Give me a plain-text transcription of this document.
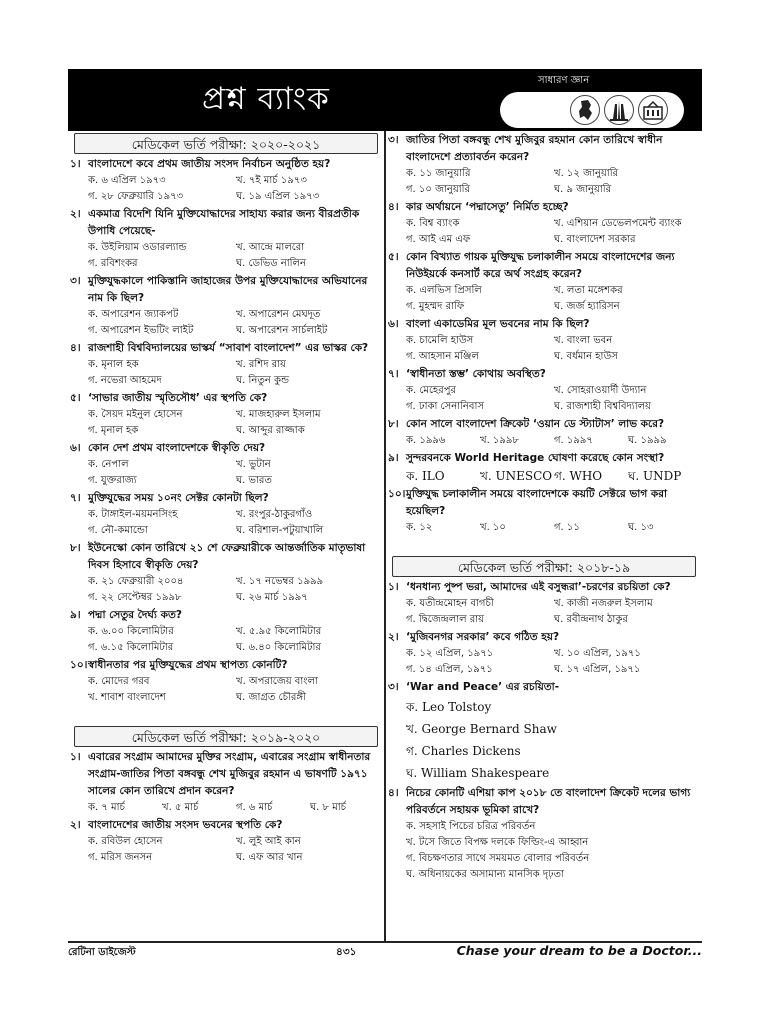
প্রশ্ন ব্যাংক
সাধারণ জ্ঞান
মেডিকেল ভর্তি পরীক্ষা: ২০২০-২০২১
১। বাংলাদেশে কবে প্রথম জাতীয় সংসদ নির্বাচন অনুষ্ঠিত হয়?
ক. ৬ এপ্রিল ১৯৭৩	খ. ৭ই মার্চ ১৯৭৩
গ. ২৮ ফেব্রুয়ারি ১৯৭৩	ঘ. ১৯ এপ্রিল ১৯৭৩
২। একমাত্র বিদেশি যিনি মুক্তিযোদ্ধাদের সাহায্য করার জন্য বীরপ্রতীক উপাধি পেয়েছে-
ক. উইলিয়াম ওডারল্যান্ড	খ. আন্দ্রে মালরো
গ. রবিশংকর	ঘ. ডেভিড নালিন
৩। মুক্তিযুদ্ধকালে পাকিস্তানি জাহাজের উপর মুক্তিযোদ্ধাদের অভিযানের নাম কি ছিল?
ক. অপারেশন জ্যাকপট	খ. অপারেশন মেঘদূত
গ. অপারেশন ইভটিং লাইট	ঘ. অপারেশন সার্চলাইট
৪। রাজশাহী বিশ্ববিদ্যালয়ের ভাস্কর্য “সাবাশ বাংলাদেশ” এর ভাস্কর কে?
ক. মৃনাল হক	খ. রশিদ রায়
গ. নভেরা আহমেদ	ঘ. নিতুন কুন্ড
৫। ‘সাভার জাতীয় স্মৃতিসৌধ’ এর স্থপতি কে?
ক. সৈয়দ মইনুল হোসেন	খ. মাজহারুল ইসলাম
গ. মৃনাল হক	ঘ. আব্দুর রাজ্জাক
৬। কোন দেশ প্রথম বাংলাদেশকে স্বীকৃতি দেয়?
ক. নেপাল	খ. ভুটান
গ. যুক্তরাজ্য	ঘ. ভারত
৭। মুক্তিযুদ্ধের সময় ১০নং সেক্টর কোনটা ছিল?
ক. টাঙ্গাইল-ময়মনসিংহ	খ. রংপুর-ঠাকুরগাঁও
গ. নৌ-কমান্ডো	ঘ. বরিশাল-পটুয়াখালি
৮। ইউনেস্কো কোন তারিখে ২১ শে ফেব্রুয়ারীকে আন্তর্জাতিক মাতৃভাষা দিবস হিসাবে স্বীকৃতি দেয়?
ক. ২১ ফেব্রুয়ারী ২০০৪	খ. ১৭ নভেম্বর ১৯৯৯
গ. ২২ সেপ্টেম্বর ১৯৯৮	ঘ. ২৬ মার্চ ১৯৯৭
৯। পদ্মা সেতুর দৈর্ঘ্য কত?
ক. ৬.০০ কিলোমিটার	খ. ৫.৯৫ কিলোমিটার
গ. ৬.১৫ কিলোমিটার	ঘ. ৬.৪০ কিলোমিটার
১০। স্বাধীনতার পর মুক্তিযুদ্ধের প্রথম স্থাপত্য কোনটি?
ক. মোদের গরব	খ. অপরাজেয় বাংলা
খ. শাবাশ বাংলাদেশ	ঘ. জাগ্রত চৌরঙ্গী
মেডিকেল ভর্তি পরীক্ষা: ২০১৯-২০২০
১। এবারের সংগ্রাম আমাদের মুক্তির সংগ্রাম, এবারের সংগ্রাম স্বাধীনতার সংগ্রাম-জাতির পিতা বঙ্গবন্ধু শেখ মুজিবুর রহমান এ ভাষণটি ১৯৭১ সালের কোন তারিখে প্রদান করেন?
ক. ৭ মার্চ	খ. ৫ মার্চ	গ. ৬ মার্চ	ঘ. ৮ মার্চ
২। বাংলাদেশের জাতীয় সংসদ ভবনের স্থপতি কে?
ক. রবিউল হোসেন	খ. লুই আই কান
গ. মরিস জনসন	ঘ. এফ আর খান
৩। জাতির পিতা বঙ্গবন্ধু শেখ মুজিবুর রহমান কোন তারিখে স্বাধীন বাংলাদেশে প্রত্যাবর্তন করেন?
ক. ১১ জানুয়ারি	খ. ১২ জানুয়ারি
গ. ১০ জানুয়ারি	ঘ. ৯ জানুয়ারি
৪। কার অর্থায়নে ‘পদ্মাসেতু’ নির্মিত হচ্ছে?
ক. বিশ্ব ব্যাংক	খ. এশিয়ান ডেভেলপমেন্ট ব্যাংক
গ. আই এম এফ	ঘ. বাংলাদেশ সরকার
৫। কোন বিখ্যাত গায়ক মুক্তিযুদ্ধ চলাকালীন সময়ে বাংলাদেশের জন্য নিউইয়র্কে কনসার্ট করে অর্থ সংগ্রহ করেন?
ক. এলভিস প্রিসলি	খ. লতা মঙ্গেশকর
গ. মুহম্মদ রাফি	ঘ. জর্জ হ্যারিসন
৬। বাংলা একাডেমির মূল ভবনের নাম কি ছিল?
ক. চামেলি হাউস	খ. বাংলা ভবন
গ. আহসান মঞ্জিল	ঘ. বর্ধমান হাউস
৭। ‘স্বাধীনতা স্তম্ভ’ কোথায় অবস্থিত?
ক. মেহেরপুর	খ. সোহরাওয়ার্দী উদ্যান
গ. ঢাকা সেনানিবাস	ঘ. রাজশাহী বিশ্ববিদ্যালয়
৮। কোন সালে বাংলাদেশ ক্রিকেট ‘ওয়ান ডে স্ট্যাটাস’ লাভ করে?
ক. ১৯৯৬	খ. ১৯৯৮	গ. ১৯৯৭	ঘ. ১৯৯৯
৯। সুন্দরবনকে World Heritage ঘোষণা করেছে কোন সংস্থা?
ক. ILO	খ. UNESCO গ. WHO	ঘ. UNDP
১০। মুক্তিযুদ্ধ চলাকালীন সময়ে বাংলাদেশকে কয়টি সেক্টরে ভাগ করা হয়েছিল?
ক. ১২	খ. ১০	গ. ১১	ঘ. ১৩
মেডিকেল ভর্তি পরীক্ষা: ২০১৮-১৯
১। ‘ধনধান্য পুষ্প ভরা, আমাদের এই বসুন্ধরা’-চরণের রচয়িতা কে?
ক. যতীন্দ্রমোহন বাগচী	খ. কাজী নজরুল ইসলাম
গ. দ্বিজেন্দ্রলাল রায়	ঘ. রবীন্দ্রনাথ ঠাকুর
২। ‘মুজিবনগর সরকার’ কবে গঠিত হয়?
ক. ১২ এপ্রিল, ১৯৭১	খ. ১০ এপ্রিল, ১৯৭১
গ. ১৪ এপ্রিল, ১৯৭১	ঘ. ১৭ এপ্রিল, ১৯৭১
৩। ‘War and Peace’ এর রচয়িতা-
ক. Leo Tolstoy
খ. George Bernard Shaw
গ. Charles Dickens
ঘ. William Shakespeare
৪। নিচের কোনটি এশিয়া কাপ ২০১৮ তে বাংলাদেশ ক্রিকেট দলের ভাগ্য পরিবর্তনে সহায়ক ভূমিকা রাখে?
ক. সহসাই পিচের চরিত্র পরিবর্তন
খ. টসে জিতে বিপক্ষ দলকে ফিল্ডিং-এ আহ্বান
গ. বিচক্ষণতার সাথে সময়মত বোলার পরিবর্তন
ঘ. অধিনায়কের অসামান্য মানসিক দৃঢ়তা
রেটিনা ডাইজেস্ট	৪৩১	Chase your dream to be a Doctor...
